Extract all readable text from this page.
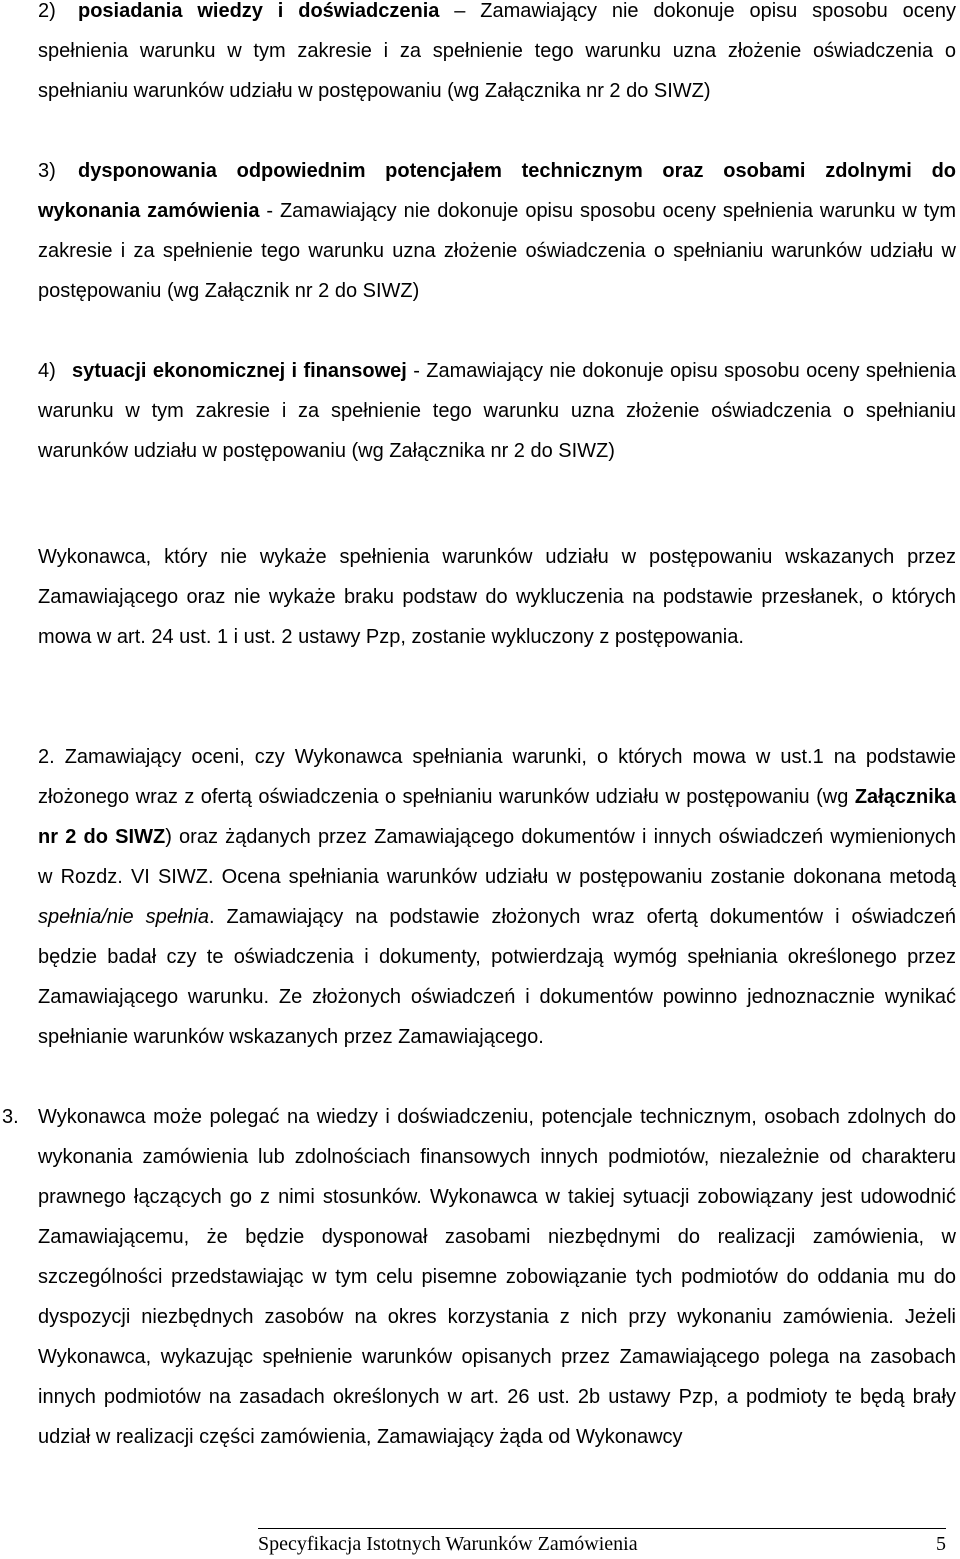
2) posiadania wiedzy i doświadczenia – Zamawiający nie dokonuje opisu sposobu oceny spełnienia warunku w tym zakresie i za spełnienie tego warunku uzna złożenie oświadczenia o spełnianiu warunków udziału w postępowaniu (wg Załącznika nr 2 do SIWZ)

3) dysponowania odpowiednim potencjałem technicznym oraz osobami zdolnymi do wykonania zamówienia - Zamawiający nie dokonuje opisu sposobu oceny spełnienia warunku w tym zakresie i za spełnienie tego warunku uzna złożenie oświadczenia o spełnianiu warunków udziału w postępowaniu (wg Załącznik nr 2 do SIWZ)

4) sytuacji ekonomicznej i finansowej - Zamawiający nie dokonuje opisu sposobu oceny spełnienia warunku w tym zakresie i za spełnienie tego warunku uzna złożenie oświadczenia o spełnianiu warunków udziału w postępowaniu (wg Załącznika nr 2 do SIWZ)

Wykonawca, który nie wykaże spełnienia warunków udziału w postępowaniu wskazanych przez Zamawiającego oraz nie wykaże braku podstaw do wykluczenia na podstawie przesłanek, o których mowa w art. 24 ust. 1 i ust. 2 ustawy Pzp, zostanie wykluczony z postępowania.

2. Zamawiający oceni, czy Wykonawca spełniania warunki, o których mowa w ust.1 na podstawie złożonego wraz z ofertą oświadczenia o spełnianiu warunków udziału w postępowaniu (wg Załącznika nr 2 do SIWZ) oraz żądanych przez Zamawiającego dokumentów i innych oświadczeń wymienionych w Rozdz. VI SIWZ. Ocena spełniania warunków udziału w postępowaniu zostanie dokonana metodą spełnia/nie spełnia. Zamawiający na podstawie złożonych wraz ofertą dokumentów i oświadczeń będzie badał czy te oświadczenia i dokumenty, potwierdzają wymóg spełniania określonego przez Zamawiającego warunku. Ze złożonych oświadczeń i dokumentów powinno jednoznacznie wynikać spełnianie warunków wskazanych przez Zamawiającego.

3. Wykonawca może polegać na wiedzy i doświadczeniu, potencjale technicznym, osobach zdolnych do wykonania zamówienia lub zdolnościach finansowych innych podmiotów, niezależnie od charakteru prawnego łączących go z nimi stosunków. Wykonawca w takiej sytuacji zobowiązany jest udowodnić Zamawiającemu, że będzie dysponował zasobami niezbędnymi do realizacji zamówienia, w szczególności przedstawiając w tym celu pisemne zobowiązanie tych podmiotów do oddania mu do dyspozycji niezbędnych zasobów na okres korzystania z nich przy wykonaniu zamówienia. Jeżeli Wykonawca, wykazując spełnienie warunków opisanych przez Zamawiającego polega na zasobach innych podmiotów na zasadach określonych w art. 26 ust. 2b ustawy Pzp, a podmioty te będą brały udział w realizacji części zamówienia, Zamawiający żąda od Wykonawcy

Specyfikacja Istotnych Warunków Zamówienia	5
